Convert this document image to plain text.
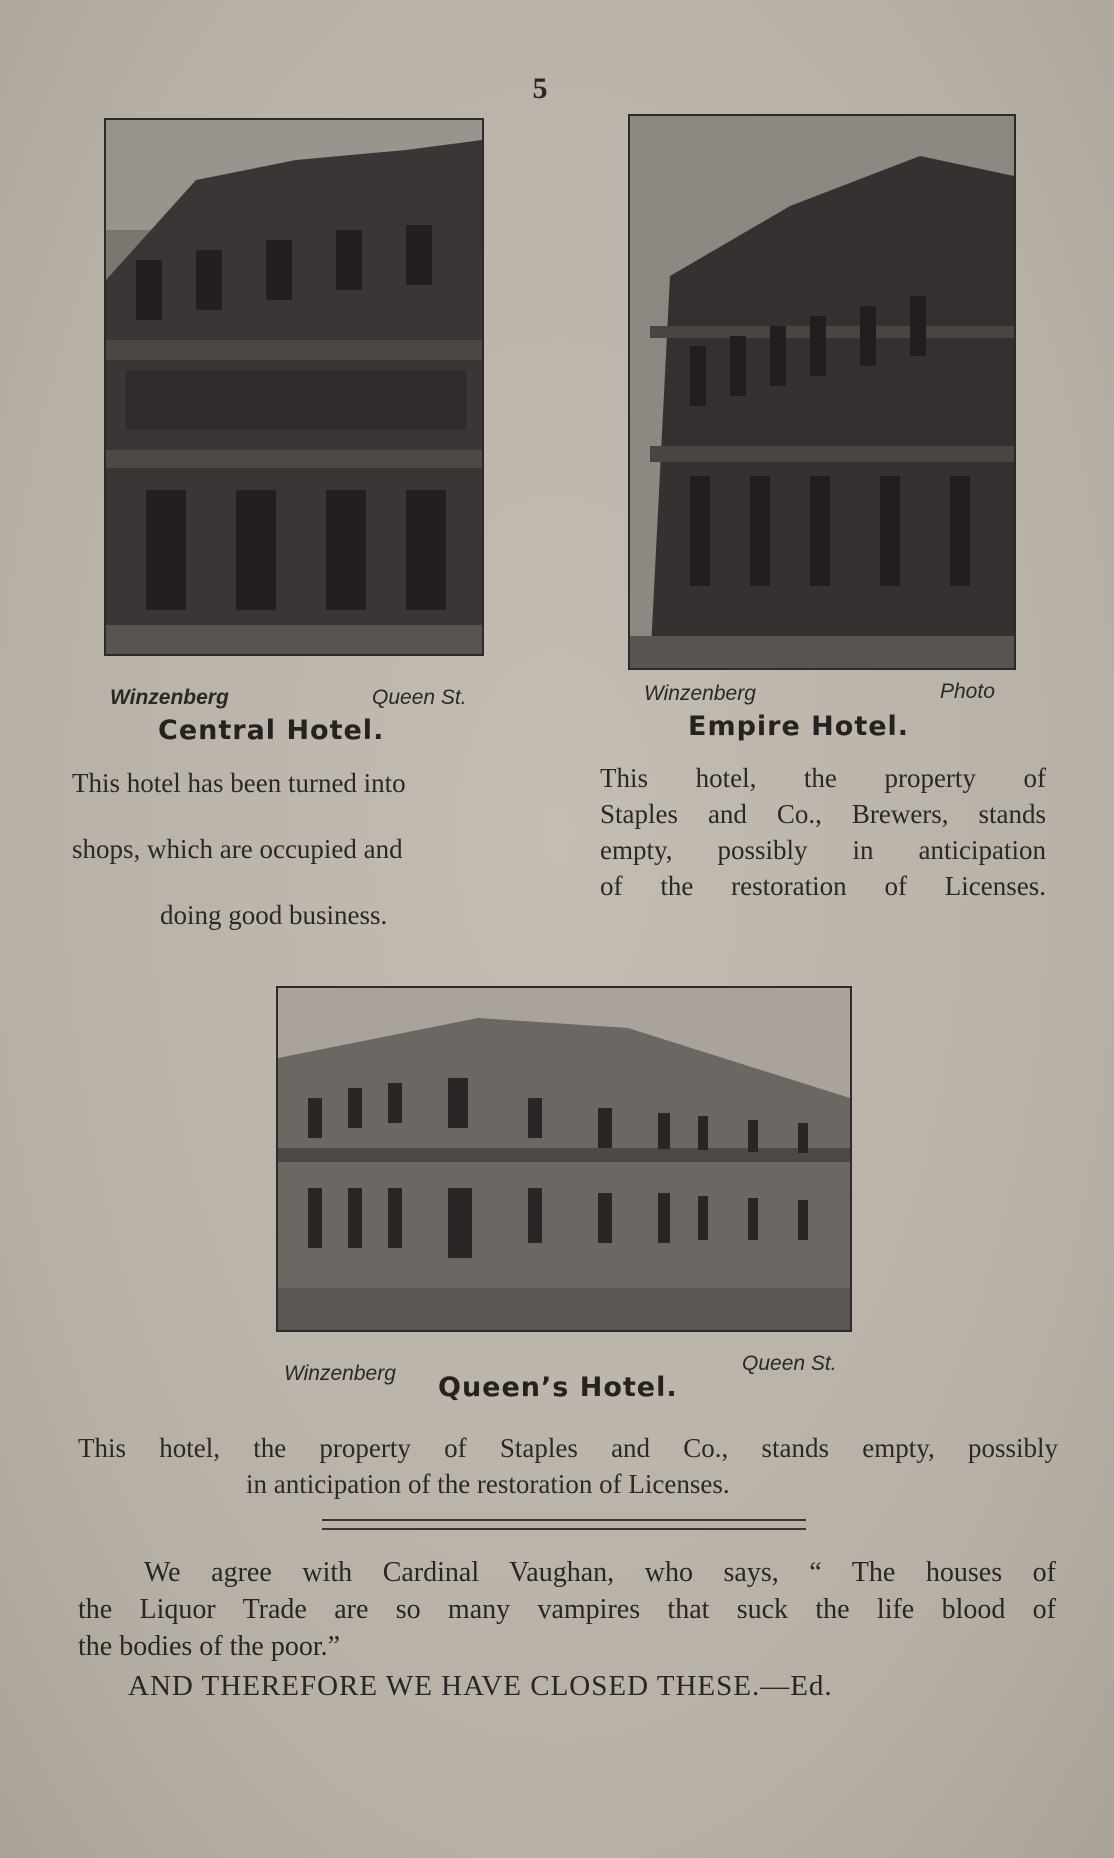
5
Winzenberg	Queen St.
Central Hotel.
This hotel has been turned into
shops, which are occupied and
doing good business.
Winzenberg	Photo
Empire Hotel.
This hotel, the property of
Staples and Co., Brewers, stands
empty, possibly in anticipation
of the restoration of Licenses.
Winzenberg	Queen St.
Queen’s Hotel.
This hotel, the property of Staples and Co., stands empty, possibly
in anticipation of the restoration of Licenses.
We agree with Cardinal Vaughan, who says, “ The houses of
the Liquor Trade are so many vampires that suck the life blood of
the bodies of the poor.”
AND THEREFORE WE HAVE CLOSED THESE.—Ed.
